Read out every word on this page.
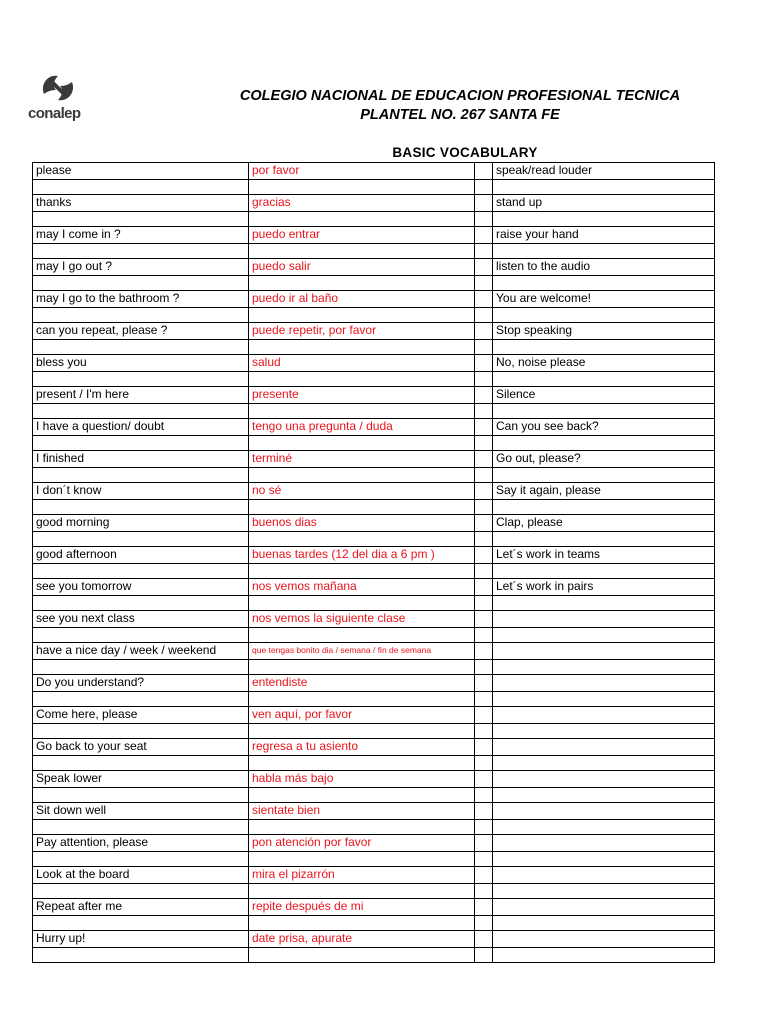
conalep
COLEGIO NACIONAL DE EDUCACION PROFESIONAL TECNICA
PLANTEL NO. 267 SANTA FE
BASIC VOCABULARY
please	por favor		speak/read louder

thanks	gracias		stand up

may I come in ?	puedo entrar		raise your hand

may I go out ?	puedo salir		listen to the audio

may I go to the bathroom ?	puedo ir al baño		You are welcome!

can you repeat, please ?	puede repetir, por favor		Stop speaking

bless you	salud		No, noise please

present / I'm here	presente		Silence

I have a question/ doubt	tengo una pregunta / duda		Can you see back?

I finished	terminé		Go out, please?

I don´t know	no sé		Say it again, please

good morning	buenos dias		Clap, please

good afternoon	buenas tardes (12 del dia a 6 pm )		Let´s work in teams

see you tomorrow	nos vemos mañana		Let´s work in pairs

see you next class	nos vemos la siguiente clase		

have a nice day / week / weekend	que tengas bonito dia / semana / fin de semana		

Do you understand?	entendiste		

Come here, please	ven aquí, por favor		

Go back to your seat	regresa a tu asiento		

Speak lower	habla más bajo		

Sit down well	sientate bien		

Pay attention, please	pon atención por favor		

Look at the board	mira el pizarrón		

Repeat after me	repite después de mi		

Hurry up!	date prisa, apurate		
